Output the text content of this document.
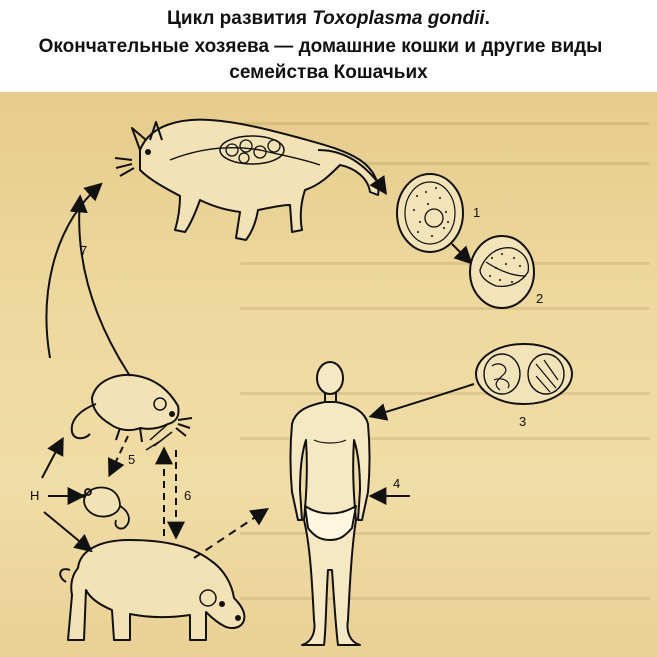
Цикл развития Toxoplasma gondii.

Окончательные хозяева — домашние кошки и другие виды

семейства Кошачьих

1
2
3
4
7
5
6
Н
